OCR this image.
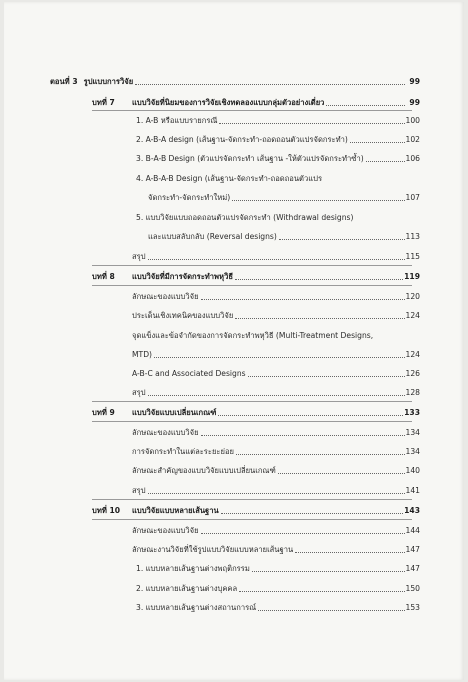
ตอนที่ 3 รูปแบบการวิจัย	99
บทที่ 7 แบบวิจัยที่นิยมของการวิจัยเชิงทดลองแบบกลุ่มตัวอย่างเดี่ยว	99
1. A-B หรือแบบรายกรณี	100
2. A-B-A design (เส้นฐาน-จัดกระทำ-ถอดถอนตัวแปรจัดกระทำ)	102
3. B-A-B Design (ตัวแปรจัดกระทำ เส้นฐาน -ให้ตัวแปรจัดกระทำซ้ำ)	106
4. A-B-A-B Design (เส้นฐาน-จัดกระทำ-ถอดถอนตัวแปร
จัดกระทำ-จัดกระทำใหม่)	107
5. แบบวิจัยแบบถอดถอนตัวแปรจัดกระทำ (Withdrawal designs)
และแบบสลับกลับ (Reversal designs)	113
สรุป	115
บทที่ 8 แบบวิจัยที่มีการจัดกระทำพหุวิธี	119
ลักษณะของแบบวิจัย	120
ประเด็นเชิงเทคนิคของแบบวิจัย	124
จุดแข็งและข้อจำกัดของการจัดกระทำพหุวิธี (Multi-Treatment Designs,
MTD)	124
A-B-C and Associated Designs	126
สรุป	128
บทที่ 9 แบบวิจัยแบบเปลี่ยนเกณฑ์	133
ลักษณะของแบบวิจัย	134
การจัดกระทำในแต่ละระยะย่อย	134
ลักษณะสำคัญของแบบวิจัยแบบเปลี่ยนเกณฑ์	140
สรุป	141
บทที่ 10 แบบวิจัยแบบหลายเส้นฐาน	143
ลักษณะของแบบวิจัย	144
ลักษณะงานวิจัยที่ใช้รูปแบบวิจัยแบบหลายเส้นฐาน	147
1. แบบหลายเส้นฐานต่างพฤติกรรม	147
2. แบบหลายเส้นฐานต่างบุคคล	150
3. แบบหลายเส้นฐานต่างสถานการณ์	153
